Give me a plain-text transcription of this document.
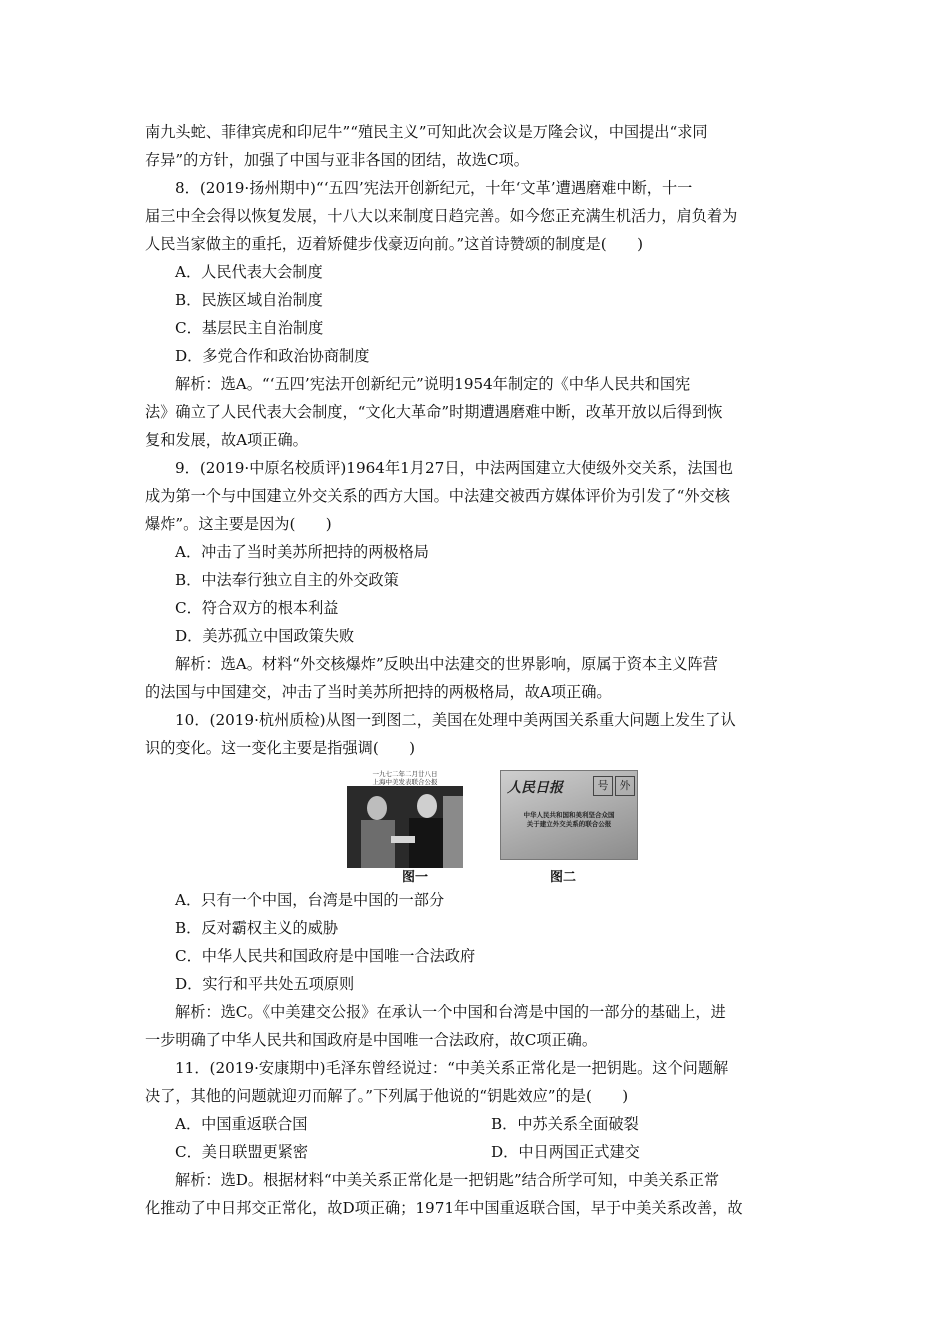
南九头蛇、菲律宾虎和印尼牛”“殖民主义”可知此次会议是万隆会议，中国提出“求同
存异”的方针，加强了中国与亚非各国的团结，故选C项。
8．(2019·扬州期中)“‘五四’宪法开创新纪元，十年‘文革’遭遇磨难中断，十一
届三中全会得以恢复发展，十八大以来制度日趋完善。如今您正充满生机活力，肩负着为
人民当家做主的重托，迈着矫健步伐豪迈向前。”这首诗赞颂的制度是(　　)
A．人民代表大会制度
B．民族区域自治制度
C．基层民主自治制度
D．多党合作和政治协商制度
解析：选A。“‘五四’宪法开创新纪元”说明1954年制定的《中华人民共和国宪
法》确立了人民代表大会制度，“文化大革命”时期遭遇磨难中断，改革开放以后得到恢
复和发展，故A项正确。
9．(2019·中原名校质评)1964年1月27日，中法两国建立大使级外交关系，法国也
成为第一个与中国建立外交关系的西方大国。中法建交被西方媒体评价为引发了“外交核
爆炸”。这主要是因为(　　)
A．冲击了当时美苏所把持的两极格局
B．中法奉行独立自主的外交政策
C．符合双方的根本利益
D．美苏孤立中国政策失败
解析：选A。材料“外交核爆炸”反映出中法建交的世界影响，原属于资本主义阵营
的法国与中国建交，冲击了当时美苏所把持的两极格局，故A项正确。
10．(2019·杭州质检)从图一到图二，美国在处理中美两国关系重大问题上发生了认
识的变化。这一变化主要是指强调(　　)
一九七二年二月廿八日
上海中美发表联合公报	人民日报	号	外
中华人民共和国和美利坚合众国
关于建立外交关系的联合公报
图一	图二
A．只有一个中国，台湾是中国的一部分
B．反对霸权主义的威胁
C．中华人民共和国政府是中国唯一合法政府
D．实行和平共处五项原则
解析：选C。《中美建交公报》在承认一个中国和台湾是中国的一部分的基础上，进
一步明确了中华人民共和国政府是中国唯一合法政府，故C项正确。
11．(2019·安康期中)毛泽东曾经说过：“中美关系正常化是一把钥匙。这个问题解
决了，其他的问题就迎刃而解了。”下列属于他说的“钥匙效应”的是(　　)
A．中国重返联合国	B．中苏关系全面破裂
C．美日联盟更紧密	D．中日两国正式建交
解析：选D。根据材料“中美关系正常化是一把钥匙”结合所学可知，中美关系正常
化推动了中日邦交正常化，故D项正确；1971年中国重返联合国，早于中美关系改善，故
